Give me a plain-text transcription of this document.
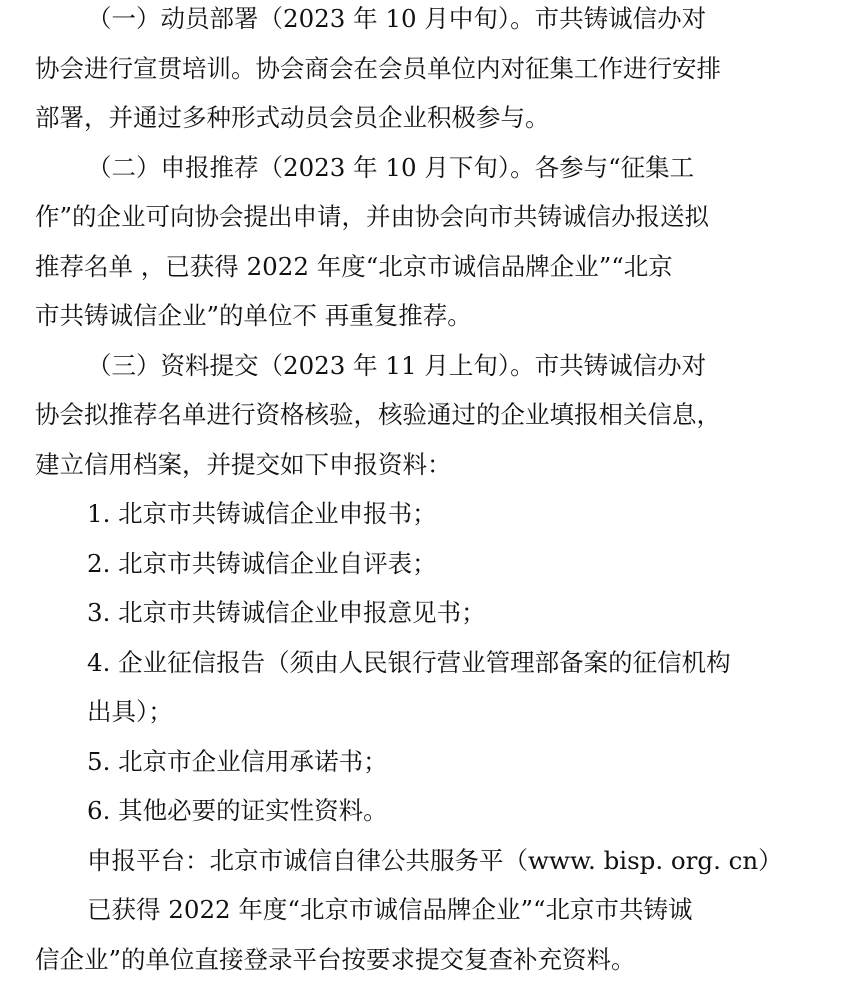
（一）动员部署（2023 年 10 月中旬）。市共铸诚信办对
协会进行宣贯培训。协会商会在会员单位内对征集工作进行安排
部署，并通过多种形式动员会员企业积极参与。
（二）申报推荐（2023 年 10 月下旬）。各参与“征集工
作”的企业可向协会提出申请，并由协会向市共铸诚信办报送拟
推荐名单 ，已获得 2022 年度“北京市诚信品牌企业”“北京
市共铸诚信企业”的单位不 再重复推荐。
（三）资料提交（2023 年 11 月上旬）。市共铸诚信办对
协会拟推荐名单进行资格核验，核验通过的企业填报相关信息，
建立信用档案，并提交如下申报资料：
1. 北京市共铸诚信企业申报书；
2. 北京市共铸诚信企业自评表；
3. 北京市共铸诚信企业申报意见书；
4. 企业征信报告（须由人民银行营业管理部备案的征信机构
出具）；
5. 北京市企业信用承诺书；
6. 其他必要的证实性资料。
申报平台：北京市诚信自律公共服务平（www. bisp. org. cn）
已获得 2022 年度“北京市诚信品牌企业”“北京市共铸诚
信企业”的单位直接登录平台按要求提交复查补充资料。
